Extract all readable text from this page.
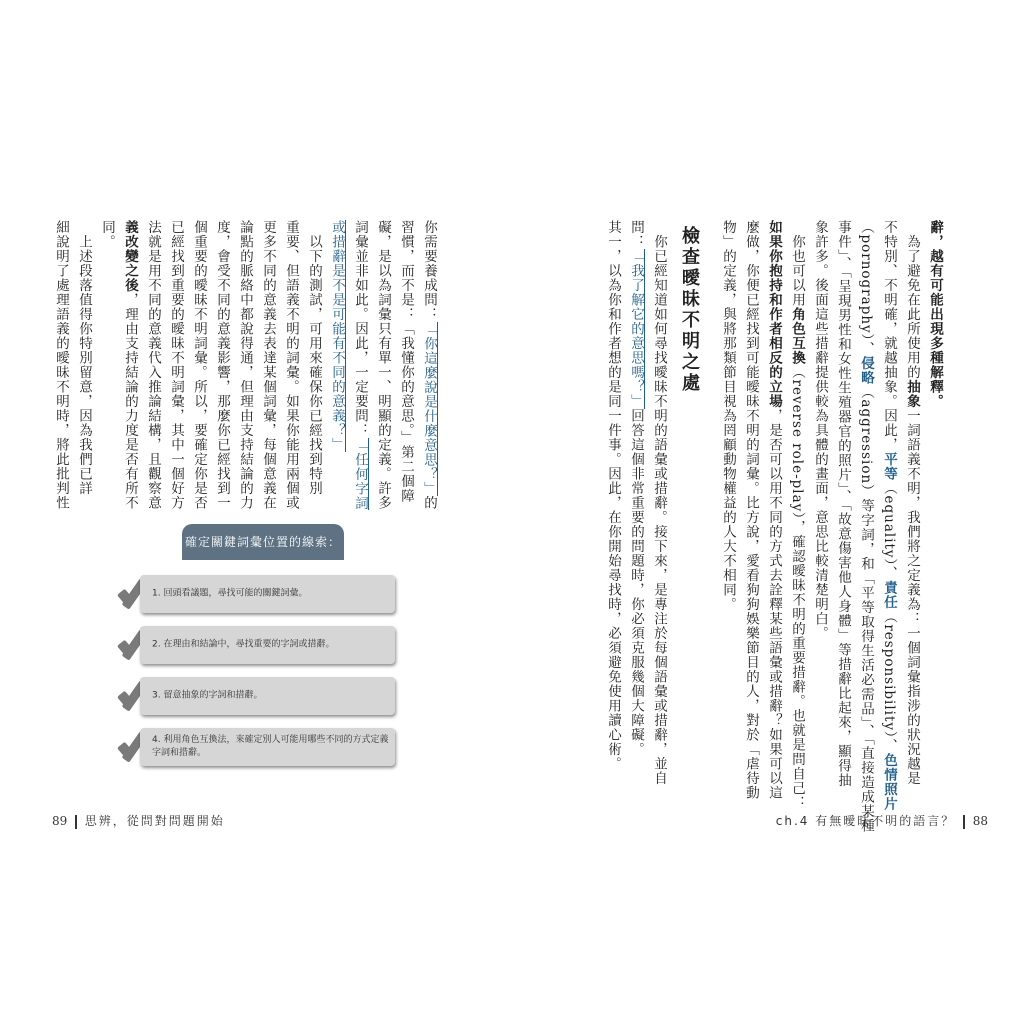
你需要養成問：「你這麼說是什麼意思？」的
習慣，而不是：「我懂你的意思。」第二個障
礙，是以為詞彙只有單一、明顯的定義。許多
詞彙並非如此。因此，一定要問：「任何字詞
或措辭是不是可能有不同的意義？」
　以下的測試，可用來確保你已經找到特別
重要、但語義不明的詞彙。如果你能用兩個或
更多不同的意義去表達某個詞彙，每個意義在
論點的脈絡中都說得通，但理由支持結論的力
度，會受不同的意義影響，那麼你已經找到一
個重要的曖昧不明詞彙。所以，要確定你是否
已經找到重要的曖昧不明詞彙，其中一個好方
法就是用不同的意義代入推論結構，且觀察意
義改變之後，理由支持結論的力度是否有所不
同。
　上述段落值得你特別留意，因為我們已詳
細說明了處理語義的曖昧不明時，將此批判性
確定關鍵詞彙位置的線索：
1. 回頭看議題，尋找可能的關鍵詞彙。
2. 在理由和結論中，尋找重要的字詞或措辭。
3. 留意抽象的字詞和措辭。
4. 利用角色互換法，來確定別人可能用哪些不同的方式定義字詞和措辭。
89 思辨，從問對問題開始
辭，越有可能出現多種解釋。
　為了避免在此所使用的抽象一詞語義不明，我們將之定義為：一個詞彙指涉的狀況越是
不特別、不明確，就越抽象。因此，平等（equality）、責任（responsibility）、色情照片
（pornography）、侵略（aggression）等字詞，和「平等取得生活必需品」、「直接造成某種
事件」、「呈現男性和女性生殖器官的照片」、「故意傷害他人身體」等措辭比起來，顯得抽
象許多。後面這些措辭提供較為具體的畫面，意思比較清楚明白。
　你也可以用角色互換（reverse role-play），確認曖昧不明的重要措辭。也就是問自己：
如果你抱持和作者相反的立場，是否可以用不同的方式去詮釋某些語彙或措辭？如果可以這
麼做，你便已經找到可能曖昧不明的詞彙。比方說，愛看狗狗娛樂節目的人，對於「虐待動
物」的定義，與將那類節目視為罔顧動物權益的人大不相同。
檢查曖昧不明之處
　你已經知道如何尋找曖昧不明的語彙或措辭。接下來，是專注於每個語彙或措辭，並自
問：「我了解它的意思嗎？」回答這個非常重要的問題時，你必須克服幾個大障礙。
其一，以為你和作者想的是同一件事。因此，在你開始尋找時，必須避免使用讀心術。
ch.4 有無曖昧不明的語言？ 88
